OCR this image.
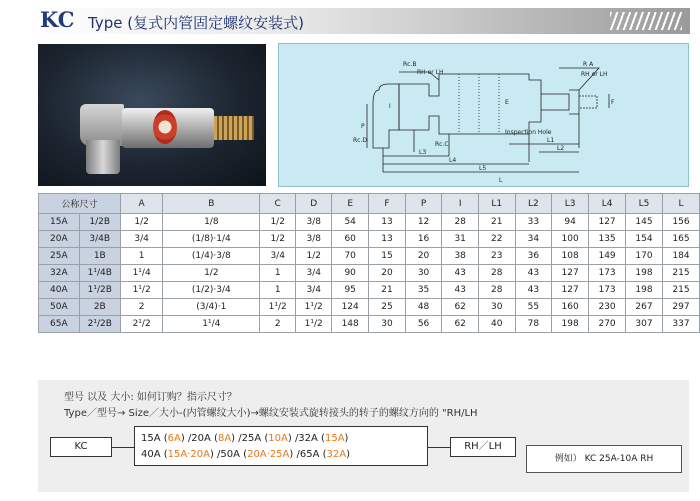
KC Type (复式内管固定螺纹安装式)
Rc.B
RH or LH
R A
RH or LH
Rc.D
Rc.C
Inspection Hole
I
P
F
E
L1
L2
L3
L4
L5
L
公称尺寸		A	B	C	D	E	F	P	I	L1	L2	L3	L4	L5	L
15A	1/2B	1/2	1/8	1/2	3/8	54	13	12	28	21	33	94	127	145	156
20A	3/4B	3/4	(1/8)·1/4	1/2	3/8	60	13	16	31	22	34	100	135	154	165
25A	1B	1	(1/4)·3/8	3/4	1/2	70	15	20	38	23	36	108	149	170	184
32A	1¹/4B	1¹/4	1/2	1	3/4	90	20	30	43	28	43	127	173	198	215
40A	1¹/2B	1¹/2	(1/2)·3/4	1	3/4	95	21	35	43	28	43	127	173	198	215
50A	2B	2	(3/4)·1	1¹/2	1¹/2	124	25	48	62	30	55	160	230	267	297
65A	2¹/2B	2¹/2	1¹/4	2	1¹/2	148	30	56	62	40	78	198	270	307	337
型号 以及 大小: 如何订购？指示尺寸？
Type／型号→ Size／大小-(内管螺纹大小)→螺纹安装式旋转接头的转子的螺纹方向的 "RH/LH
KC
15A (6A) /20A (8A) /25A (10A) /32A (15A)
40A (15A·20A) /50A (20A·25A) /65A (32A)
RH／LH
例如） KC 25A-10A RH
